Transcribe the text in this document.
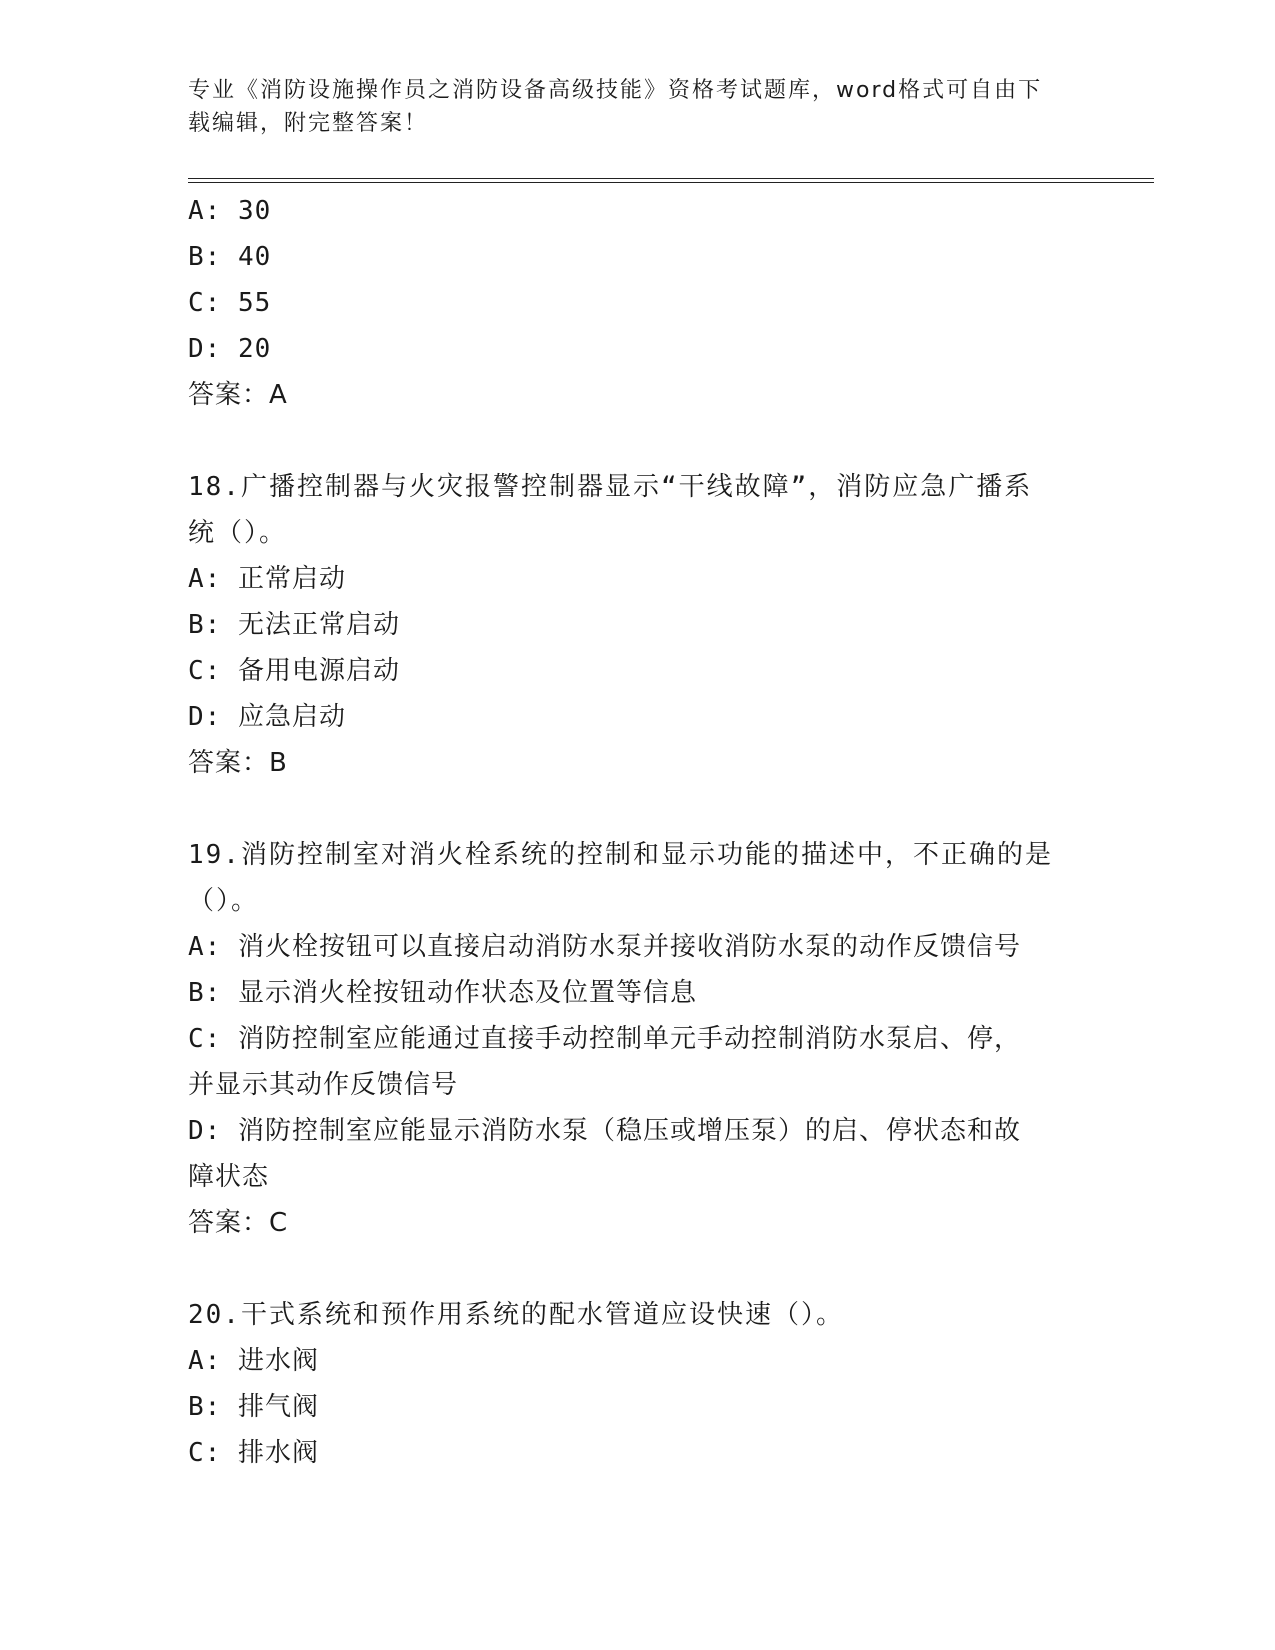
专业《消防设施操作员之消防设备高级技能》资格考试题库，word格式可自由下
载编辑，附完整答案！
A: 30
B: 40
C: 55
D: 20
答案：A
18.广播控制器与火灾报警控制器显示“干线故障”，消防应急广播系
统（）。
A: 正常启动
B: 无法正常启动
C: 备用电源启动
D: 应急启动
答案：B
19.消防控制室对消火栓系统的控制和显示功能的描述中，不正确的是
（）。
A: 消火栓按钮可以直接启动消防水泵并接收消防水泵的动作反馈信号
B: 显示消火栓按钮动作状态及位置等信息
C: 消防控制室应能通过直接手动控制单元手动控制消防水泵启、停，
并显示其动作反馈信号
D: 消防控制室应能显示消防水泵（稳压或增压泵）的启、停状态和故
障状态
答案：C
20.干式系统和预作用系统的配水管道应设快速（）。
A: 进水阀
B: 排气阀
C: 排水阀
